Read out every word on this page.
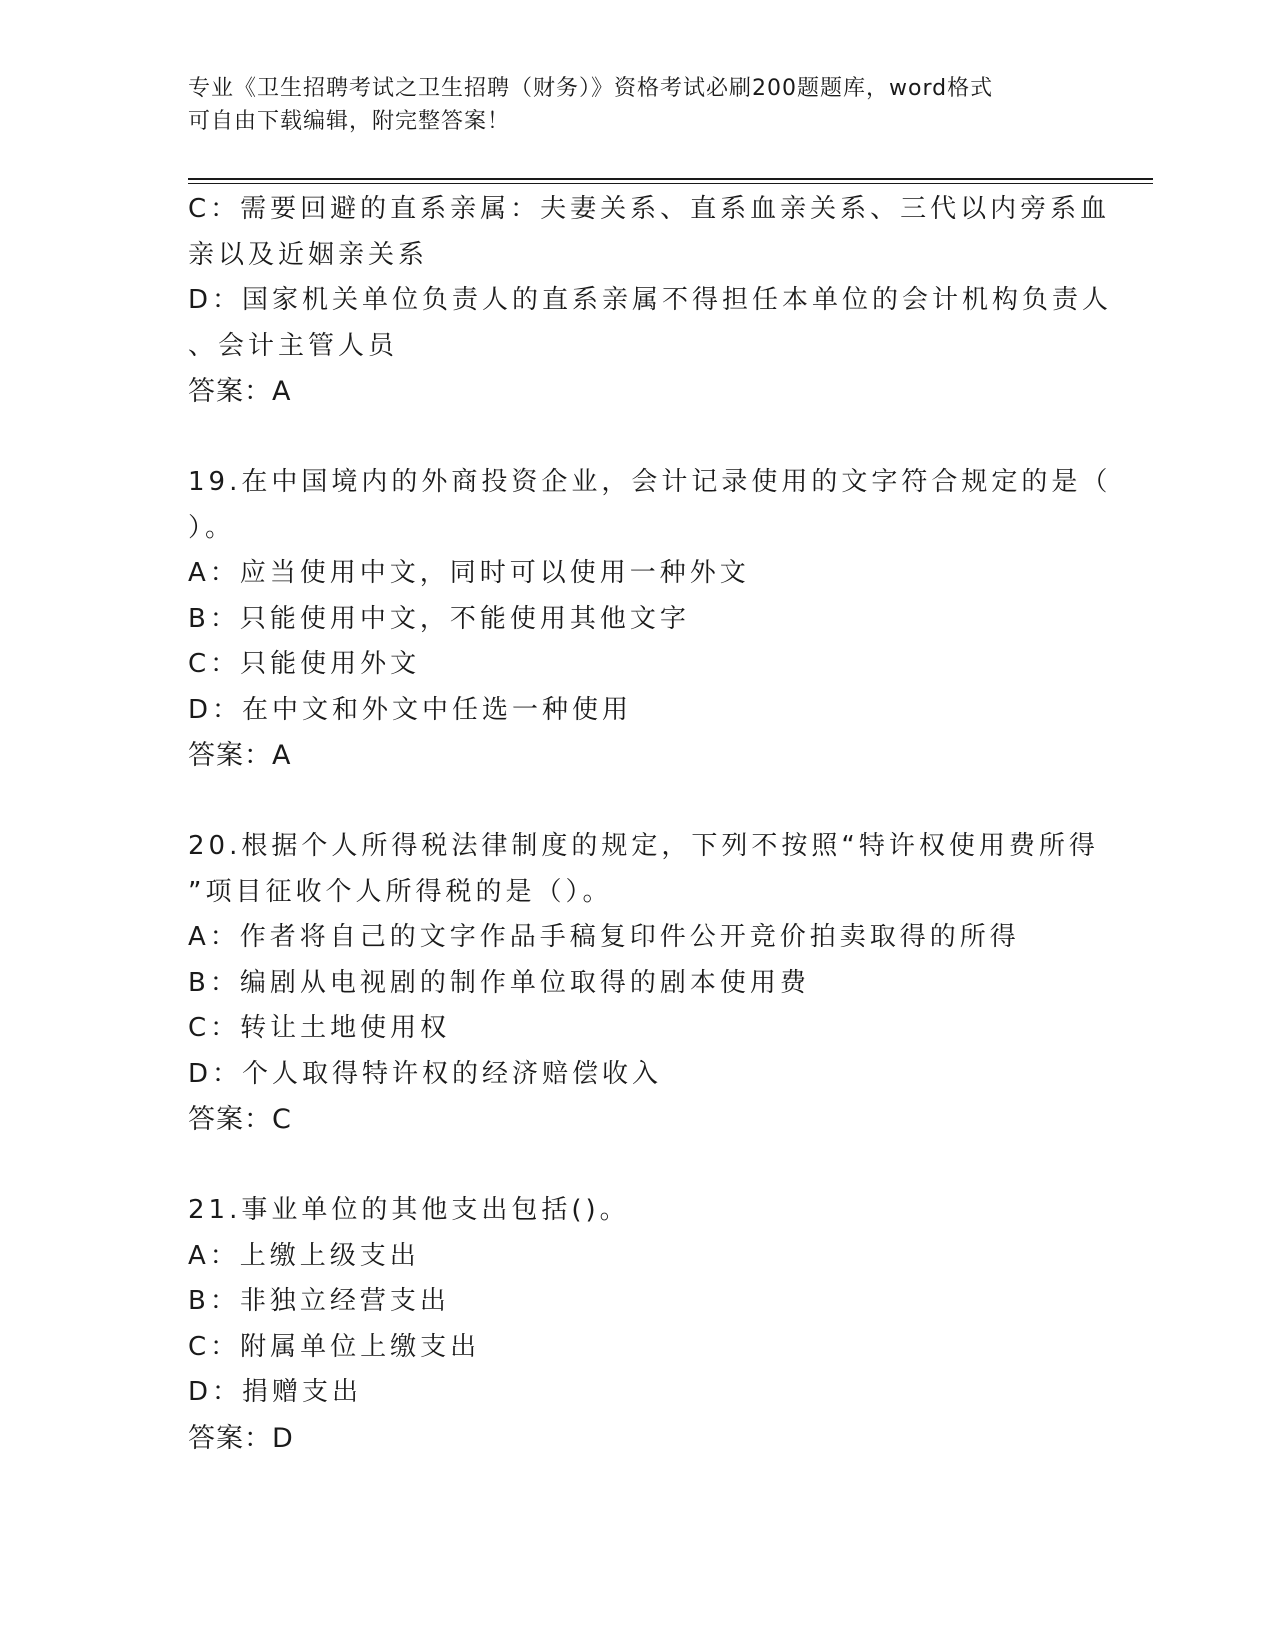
专业《卫生招聘考试之卫生招聘（财务）》资格考试必刷200题题库，word格式
可自由下载编辑，附完整答案！
C：需要回避的直系亲属：夫妻关系、直系血亲关系、三代以内旁系血
亲以及近姻亲关系
D：国家机关单位负责人的直系亲属不得担任本单位的会计机构负责人
、会计主管人员
答案：A
19.在中国境内的外商投资企业，会计记录使用的文字符合规定的是（
）。
A：应当使用中文，同时可以使用一种外文
B：只能使用中文，不能使用其他文字
C：只能使用外文
D：在中文和外文中任选一种使用
答案：A
20.根据个人所得税法律制度的规定，下列不按照“特许权使用费所得
”项目征收个人所得税的是（）。
A：作者将自己的文字作品手稿复印件公开竞价拍卖取得的所得
B：编剧从电视剧的制作单位取得的剧本使用费
C：转让土地使用权
D：个人取得特许权的经济赔偿收入
答案：C
21.事业单位的其他支出包括()。
A：上缴上级支出
B：非独立经营支出
C：附属单位上缴支出
D：捐赠支出
答案：D
